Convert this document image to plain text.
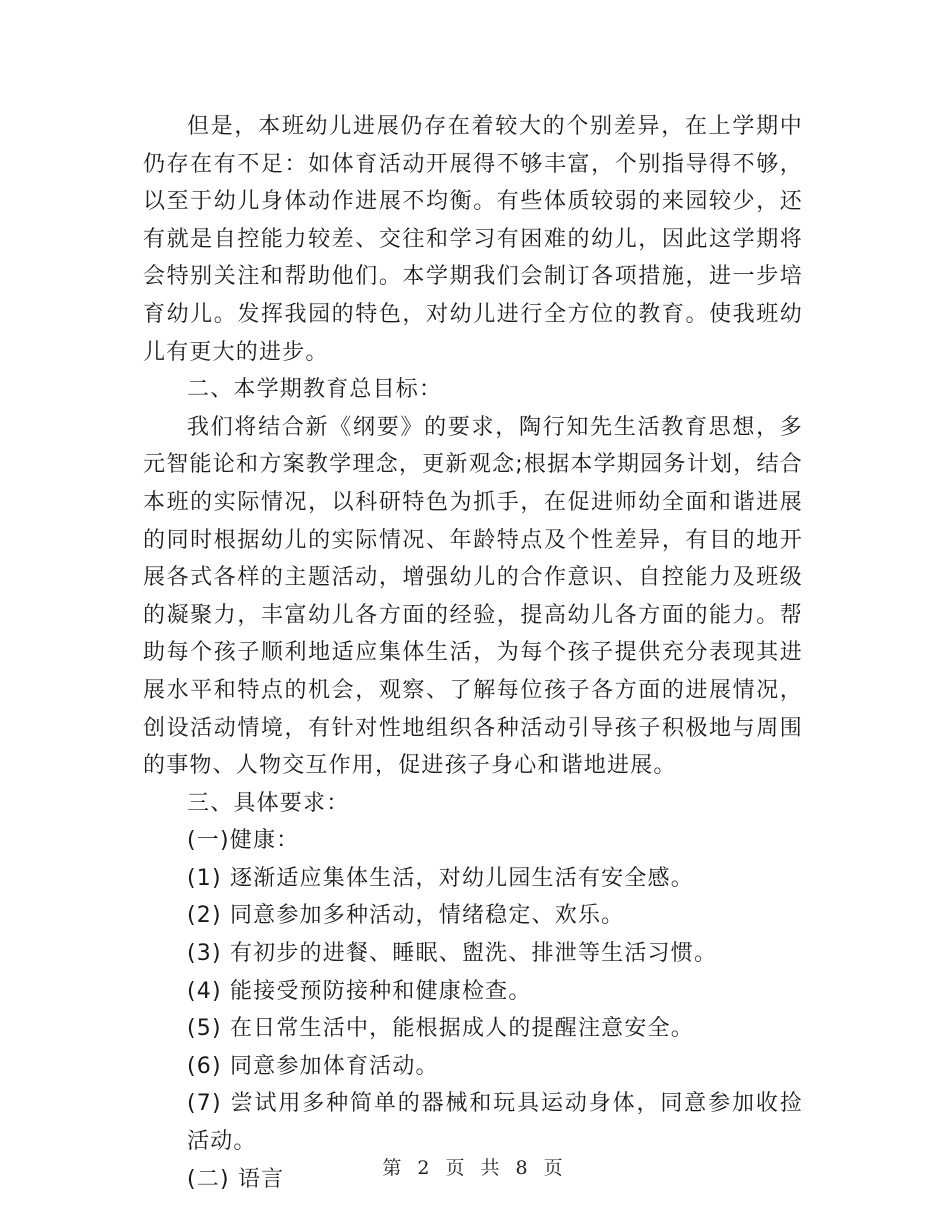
但是，本班幼儿进展仍存在着较大的个别差异，在上学期中仍存在有不足：如体育活动开展得不够丰富，个别指导得不够，以至于幼儿身体动作进展不均衡。有些体质较弱的来园较少，还有就是自控能力较差、交往和学习有困难的幼儿，因此这学期将会特别关注和帮助他们。本学期我们会制订各项措施，进一步培育幼儿。发挥我园的特色，对幼儿进行全方位的教育。使我班幼儿有更大的进步。

二、本学期教育总目标：

我们将结合新《纲要》的要求，陶行知先生活教育思想，多元智能论和方案教学理念，更新观念;根据本学期园务计划，结合本班的实际情况，以科研特色为抓手，在促进师幼全面和谐进展的同时根据幼儿的实际情况、年龄特点及个性差异，有目的地开展各式各样的主题活动，增强幼儿的合作意识、自控能力及班级的凝聚力，丰富幼儿各方面的经验，提高幼儿各方面的能力。帮助每个孩子顺利地适应集体生活，为每个孩子提供充分表现其进展水平和特点的机会，观察、了解每位孩子各方面的进展情况，创设活动情境，有针对性地组织各种活动引导孩子积极地与周围的事物、人物交互作用，促进孩子身心和谐地进展。

三、具体要求：

(一)健康：

(1) 逐渐适应集体生活，对幼儿园生活有安全感。

(2) 同意参加多种活动，情绪稳定、欢乐。

(3) 有初步的进餐、睡眠、盥洗、排泄等生活习惯。

(4) 能接受预防接种和健康检查。

(5) 在日常生活中，能根据成人的提醒注意安全。

(6) 同意参加体育活动。

(7) 尝试用多种简单的器械和玩具运动身体，同意参加收捡活动。

(二) 语言	第 2 页 共 8 页
